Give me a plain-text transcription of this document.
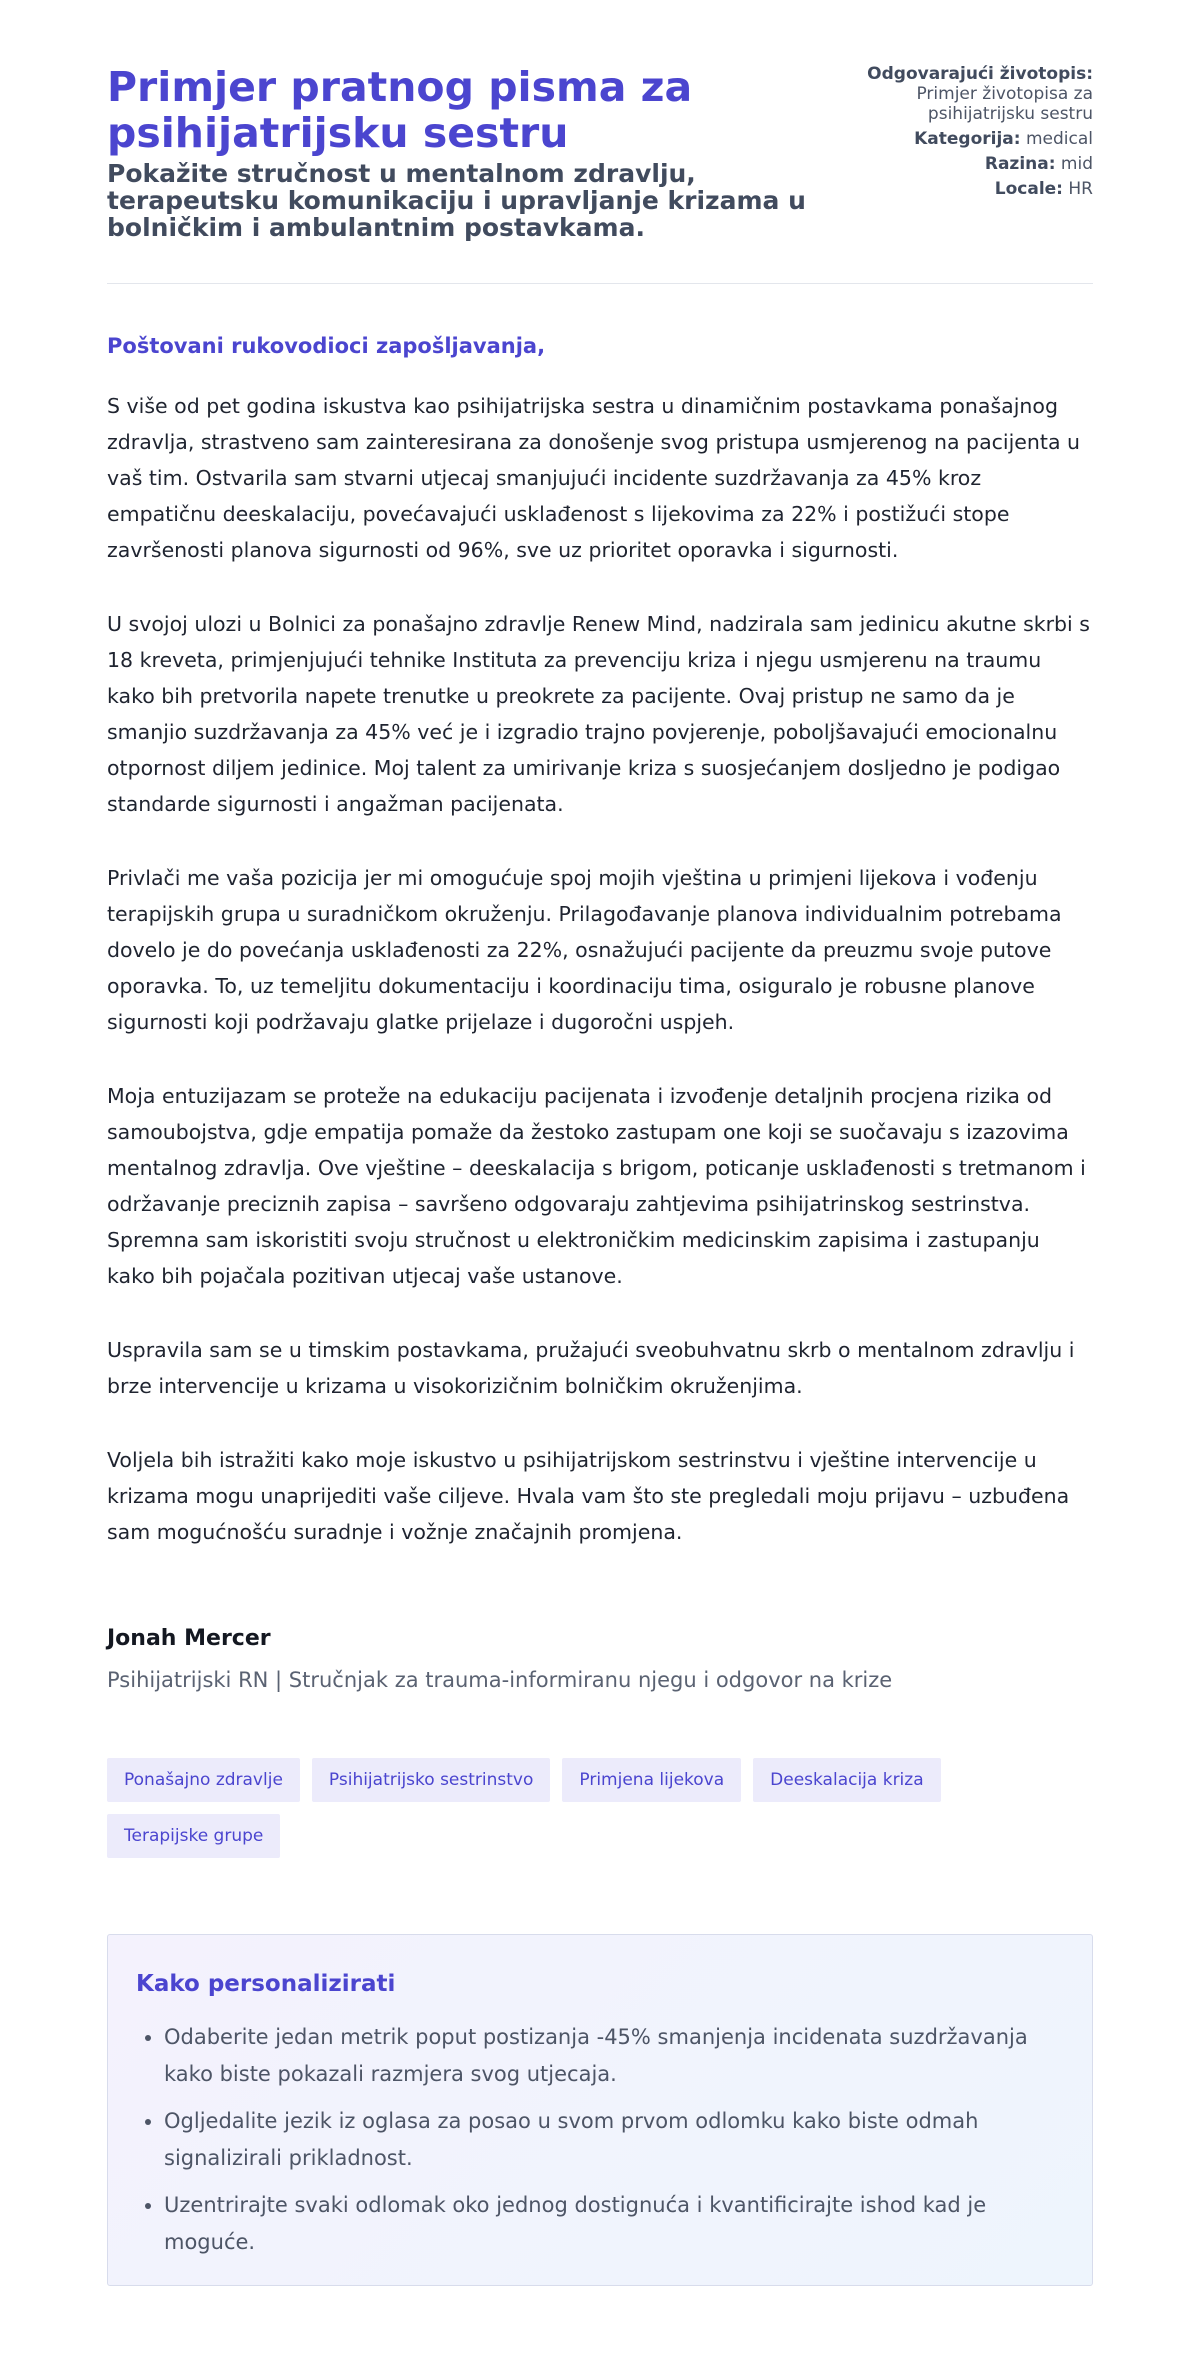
Primjer pratnog pisma za psihijatrijsku sestru
Pokažite stručnost u mentalnom zdravlju, terapeutsku komunikaciju i upravljanje krizama u bolničkim i ambulantnim postavkama.
Odgovarajući životopis: Primjer životopisa za psihijatrijsku sestru
Kategorija: medical
Razina: mid
Locale: HR

Poštovani rukovodioci zapošljavanja,

S više od pet godina iskustva kao psihijatrijska sestra u dinamičnim postavkama ponašajnog zdravlja, strastveno sam zainteresirana za donošenje svog pristupa usmjerenog na pacijenta u vaš tim. Ostvarila sam stvarni utjecaj smanjujući incidente suzdržavanja za 45% kroz empatičnu deeskalaciju, povećavajući usklađenost s lijekovima za 22% i postižući stope završenosti planova sigurnosti od 96%, sve uz prioritet oporavka i sigurnosti.

U svojoj ulozi u Bolnici za ponašajno zdravlje Renew Mind, nadzirala sam jedinicu akutne skrbi s 18 kreveta, primjenjujući tehnike Instituta za prevenciju kriza i njegu usmjerenu na traumu kako bih pretvorila napete trenutke u preokrete za pacijente. Ovaj pristup ne samo da je smanjio suzdržavanja za 45% već je i izgradio trajno povjerenje, poboljšavajući emocionalnu otpornost diljem jedinice. Moj talent za umirivanje kriza s suosjećanjem dosljedno je podigao standarde sigurnosti i angažman pacijenata.

Privlači me vaša pozicija jer mi omogućuje spoj mojih vještina u primjeni lijekova i vođenju terapijskih grupa u suradničkom okruženju. Prilagođavanje planova individualnim potrebama dovelo je do povećanja usklađenosti za 22%, osnažujući pacijente da preuzmu svoje putove oporavka. To, uz temeljitu dokumentaciju i koordinaciju tima, osiguralo je robusne planove sigurnosti koji podržavaju glatke prijelaze i dugoročni uspjeh.

Moja entuzijazam se proteže na edukaciju pacijenata i izvođenje detaljnih procjena rizika od samoubojstva, gdje empatija pomaže da žestoko zastupam one koji se suočavaju s izazovima mentalnog zdravlja. Ove vještine – deeskalacija s brigom, poticanje usklađenosti s tretmanom i održavanje preciznih zapisa – savršeno odgovaraju zahtjevima psihijatrinskog sestrinstva. Spremna sam iskoristiti svoju stručnost u elektroničkim medicinskim zapisima i zastupanju kako bih pojačala pozitivan utjecaj vaše ustanove.

Uspravila sam se u timskim postavkama, pružajući sveobuhvatnu skrb o mentalnom zdravlju i brze intervencije u krizama u visokorizičnim bolničkim okruženjima.

Voljela bih istražiti kako moje iskustvo u psihijatrijskom sestrinstvu i vještine intervencije u krizama mogu unaprijediti vaše ciljeve. Hvala vam što ste pregledali moju prijavu – uzbuđena sam mogućnošću suradnje i vožnje značajnih promjena.

Jonah Mercer

Psihijatrijski RN | Stručnjak za trauma-informiranu njegu i odgovor na krize

Ponašajno zdravlje	Psihijatrijsko sestrinstvo	Primjena lijekova	Deeskalacija kriza
Terapijske grupe
Kako personalizirati
• Odaberite jedan metrik poput postizanja -45% smanjenja incidenata suzdržavanja kako biste pokazali razmjera svog utjecaja.
• Ogljedalite jezik iz oglasa za posao u svom prvom odlomku kako biste odmah signalizirali prikladnost.
• Uzentrirajte svaki odlomak oko jednog dostignuća i kvantificirajte ishod kad je moguće.
